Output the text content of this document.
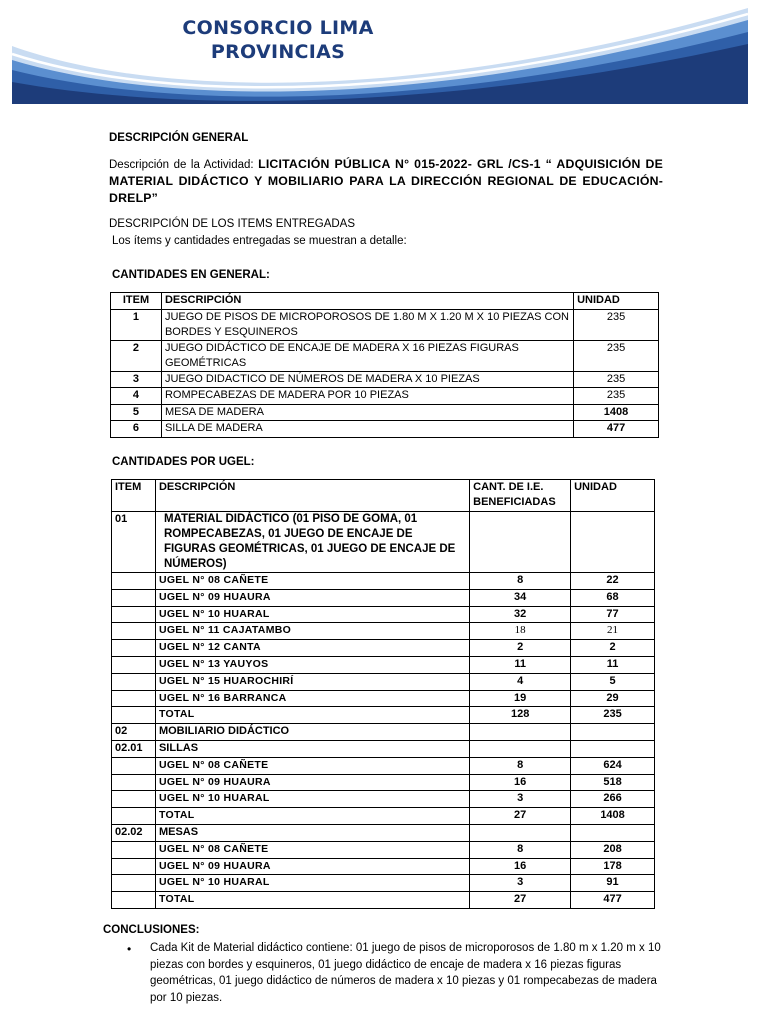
CONSORCIO LIMA
PROVINCIAS
DESCRIPCIÓN GENERAL
Descripción de la Actividad: LICITACIÓN PÚBLICA N° 015-2022- GRL /CS-1 “ ADQUISICIÓN DE MATERIAL DIDÁCTICO Y MOBILIARIO PARA LA DIRECCIÓN REGIONAL DE EDUCACIÓN- DRELP”
DESCRIPCIÓN DE LOS ITEMS ENTREGADAS
Los ítems y cantidades entregadas se muestran a detalle:
CANTIDADES EN GENERAL:
ITEM	DESCRIPCIÓN	UNIDAD
1	JUEGO DE PISOS DE MICROPOROSOS DE 1.80 M X 1.20 M X 10 PIEZAS CON BORDES Y ESQUINEROS	235
2	JUEGO DIDÁCTICO DE ENCAJE DE MADERA X 16 PIEZAS FIGURAS GEOMÉTRICAS	235
3	JUEGO DIDACTICO DE NÚMEROS DE MADERA X 10 PIEZAS	235
4	ROMPECABEZAS DE MADERA POR 10 PIEZAS	235
5	MESA DE MADERA	1408
6	SILLA DE MADERA	477
CANTIDADES POR UGEL:
ITEM	DESCRIPCIÓN	CANT. DE I.E. BENEFICIADAS	UNIDAD
01	MATERIAL DIDÁCTICO (01 PISO DE GOMA, 01 ROMPECABEZAS, 01 JUEGO DE ENCAJE DE FIGURAS GEOMÉTRICAS, 01 JUEGO DE ENCAJE DE NÚMEROS)		
	UGEL N° 08 CAÑETE	8	22
	UGEL N° 09 HUAURA	34	68
	UGEL N° 10 HUARAL	32	77
	UGEL N° 11 CAJATAMBO	18	21
	UGEL N° 12 CANTA	2	2
	UGEL N° 13 YAUYOS	11	11
	UGEL N° 15 HUAROCHIRÍ	4	5
	UGEL N° 16 BARRANCA	19	29
	TOTAL	128	235
02	MOBILIARIO DIDÁCTICO		
02.01	SILLAS		
	UGEL N° 08 CAÑETE	8	624
	UGEL N° 09 HUAURA	16	518
	UGEL N° 10 HUARAL	3	266
	TOTAL	27	1408
02.02	MESAS		
	UGEL N° 08 CAÑETE	8	208
	UGEL N° 09 HUAURA	16	178
	UGEL N° 10 HUARAL	3	91
	TOTAL	27	477
CONCLUSIONES:
• Cada Kit de Material didáctico contiene: 01 juego de pisos de microporosos de 1.80 m x 1.20 m x 10 piezas con bordes y esquineros, 01 juego didáctico de encaje de madera x 16 piezas figuras geométricas, 01 juego didáctico de números de madera x 10 piezas y 01 rompecabezas de madera por 10 piezas.
